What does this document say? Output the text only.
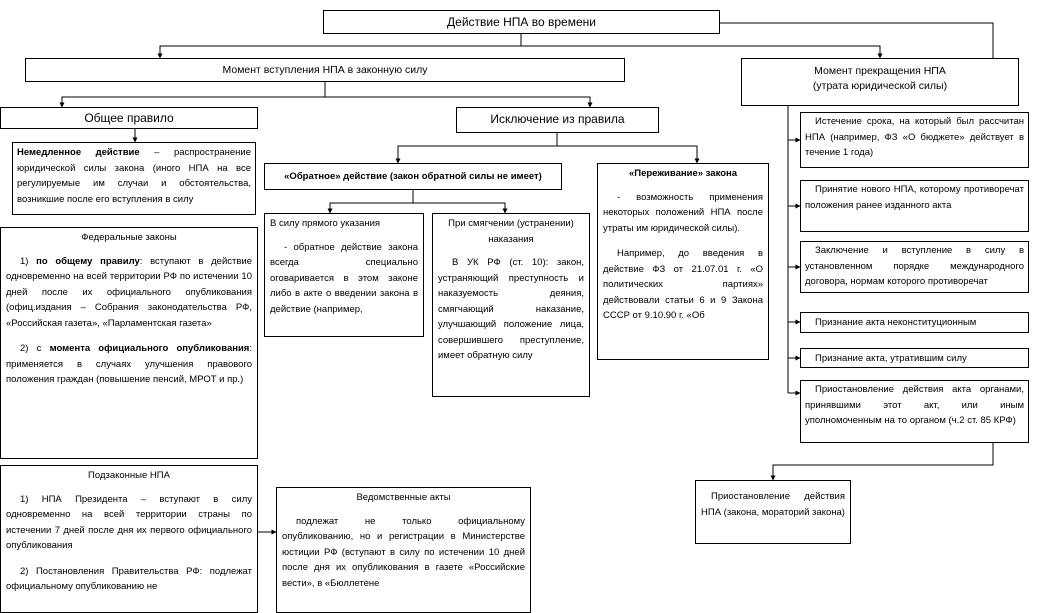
Действие НПА во времени
Момент вступления НПА в законную силу
Общее правило
Немедленное действие – распространение юридической силы закона (иного НПА на все регулируемые им случаи и обстоятельства, возникшие после его вступления в силу
Федеральные законы

1) по общему правилу: вступают в действие одновременно на всей территории РФ по истечении 10 дней после их официального опубликования (офиц.издания – Собрания законодательства РФ, «Российская газета», «Парламентская газета»

2) с момента официального опубликования: применяется в случаях улучшения правового положения граждан (повышение пенсий, МРОТ и пр.)

Подзаконные НПА

1) НПА Президента – вступают в силу одновременно на всей территории страны по истечении 7 дней после дня их первого официального опубликования

2) Постановления Правительства РФ: подлежат официальному опубликованию не

Ведомственные акты

подлежат не только официальному опубликованию, но и регистрации в Министерстве юстиции РФ (вступают в силу по истечении 10 дней после дня их опубликования в газете «Российские вести», в «Бюллетене

Исключение из правила
«Обратное» действие (закон обратной силы не имеет)
В силу прямого указания

- обратное действие закона всегда специально оговаривается в этом законе либо в акте о введении закона в действие (например,

При смягчении (устранении) наказания

В УК РФ (ст. 10): закон, устраняющий преступность и наказуемость деяния, смягчающий наказание, улучшающий положение лица, совершившего преступление, имеет обратную силу

«Переживание» закона

- возможность применения некоторых положений НПА после утраты им юридической силы).

Например, до введения в действие ФЗ от 21.07.01 г. «О политических партиях» действовали статьи 6 и 9 Закона СССР от 9.10.90 г. «Об

Момент прекращения НПА
(утрата юридической силы)
Истечение срока, на который был рассчитан НПА (например, ФЗ «О бюджете» действует в течение 1 года)
Принятие нового НПА, которому противоречат положения ранее изданного акта
Заключение и вступление в силу в установленном порядке международного договора, нормам которого противоречат
Признание акта неконституционным
Признание акта, утратившим силу
Приостановление действия акта органами, принявшими этот акт, или иным уполномоченным на то органом (ч.2 ст. 85 КРФ)
Приостановление действия НПА (закона, мораторий закона)
